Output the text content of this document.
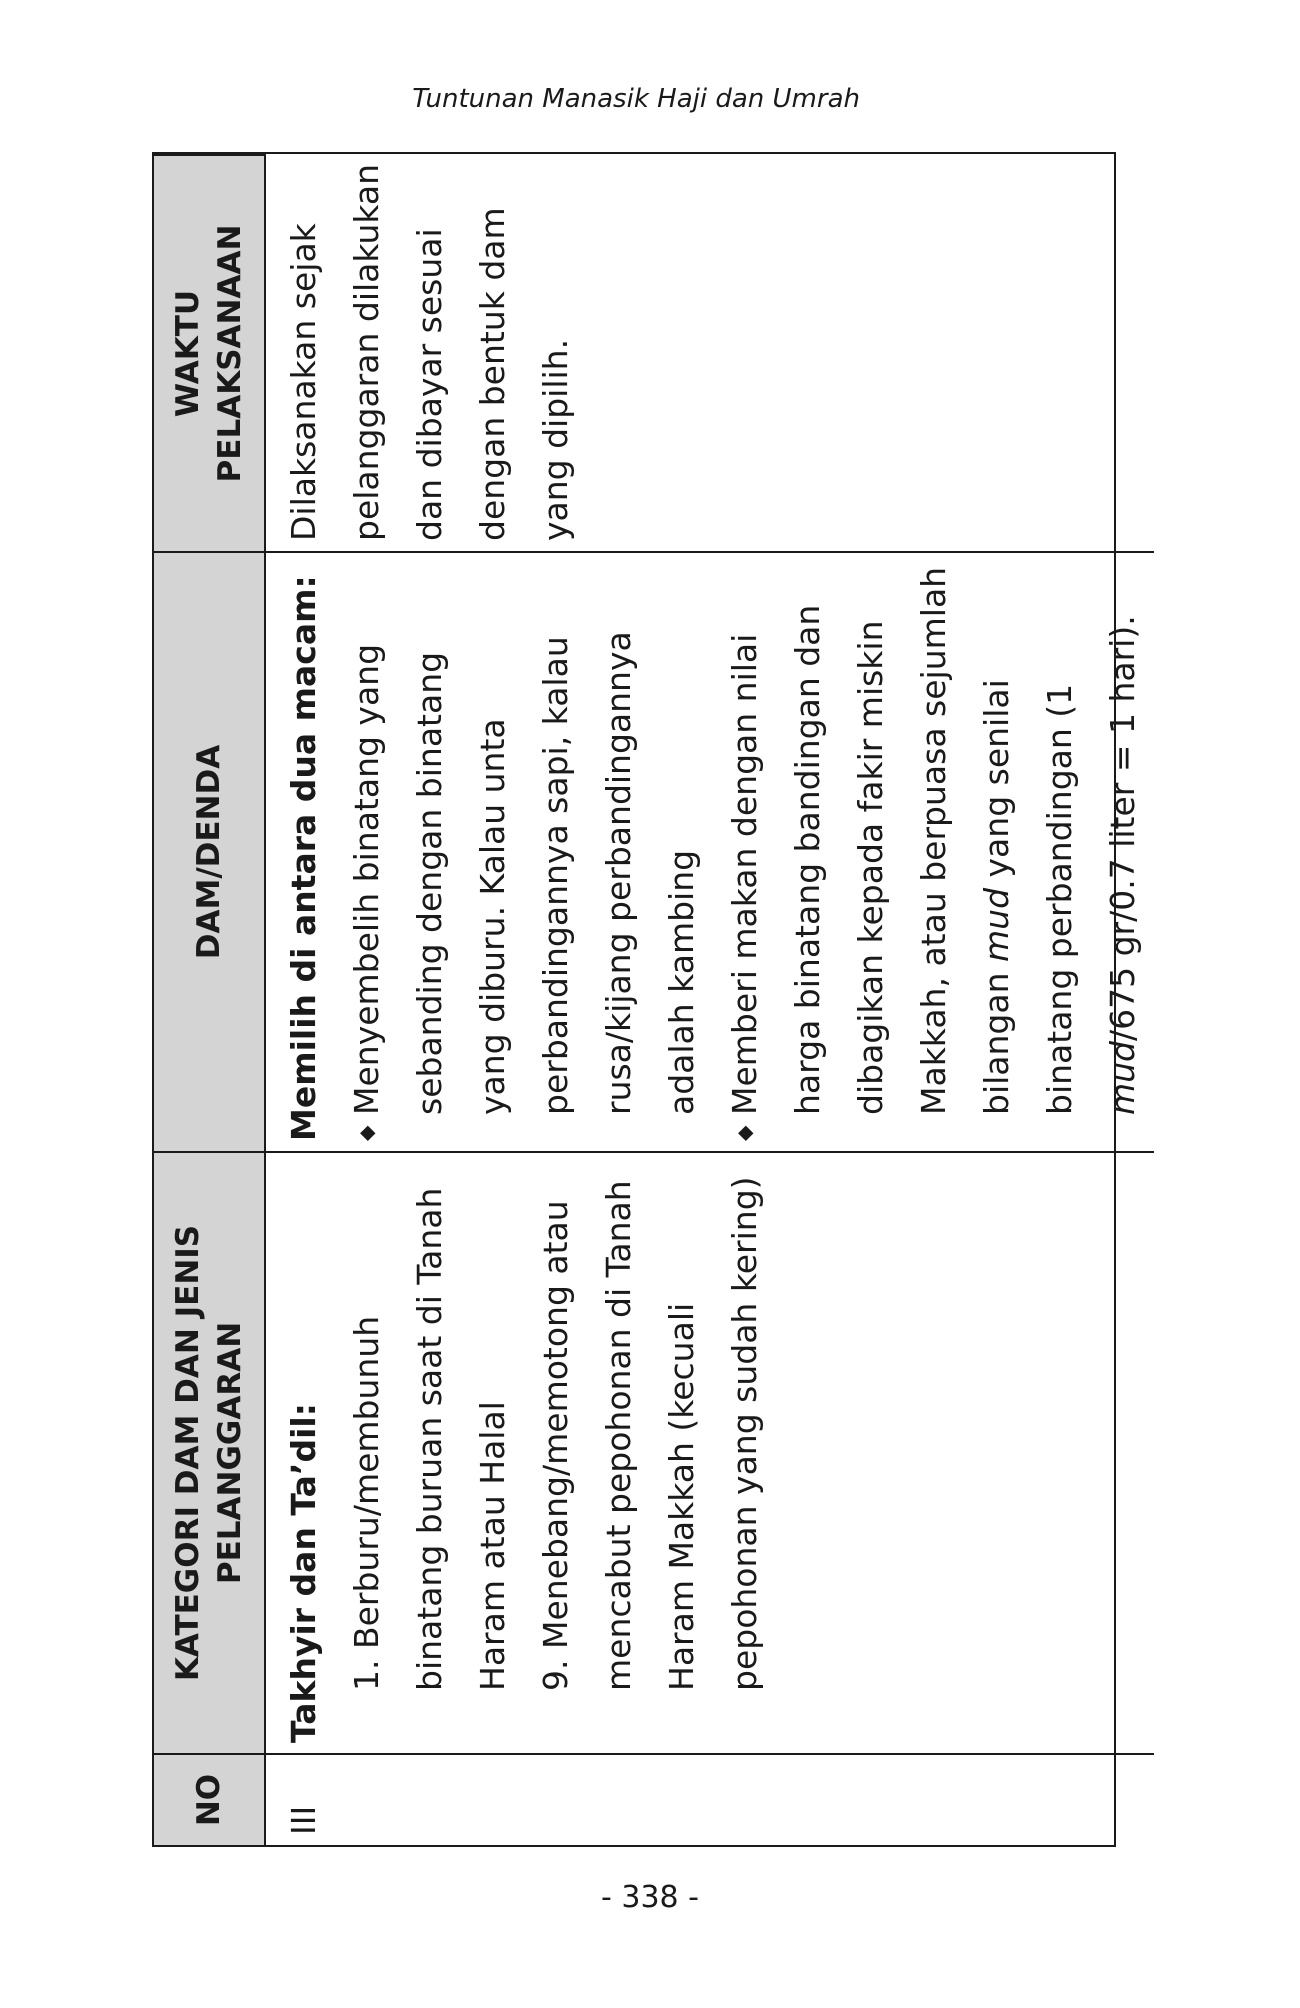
Tuntunan Manasik Haji dan Umrah
NO
KATEGORI DAM DAN JENIS PELANGGARAN
DAM/DENDA
WAKTU PELAKSANAAN
III
Takhyir dan Ta’dil: 1. Berburu/membunuh binatang buruan saat di Tanah Haram atau Halal 9. Menebang/memotong atau mencabut pepohonan di Tanah Haram Makkah (kecuali pepohonan yang sudah kering)
Memilih di antara dua macam:	◆
Menyembelih binatang yang sebanding dengan binatang yang diburu. Kalau unta perbandingannya sapi, kalau rusa/kijang perbandingannya adalah kambing
◆
Memberi makan dengan nilai harga binatang bandingan dan dibagikan kepada fakir miskin Makkah, atau berpuasa sejumlah bilangan mud yang senilai binatang perbandingan (1 mud/675 gr/0.7 liter = 1 hari).
Dilaksanakan sejak pelanggaran dilakukan dan dibayar sesuai dengan bentuk dam yang dipilih.
- 338 -
